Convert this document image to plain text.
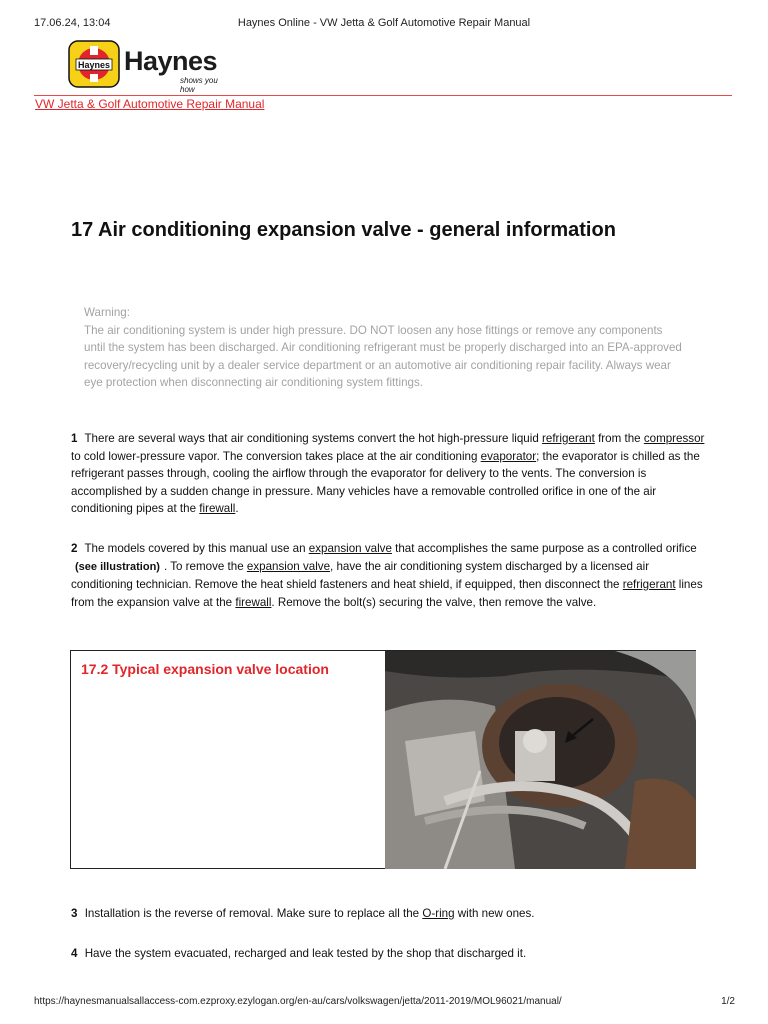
17.06.24, 13:04	Haynes Online - VW Jetta & Golf Automotive Repair Manual
Haynes Haynes
shows you how
VW Jetta & Golf Automotive Repair Manual
17 Air conditioning expansion valve - general information
Warning:
The air conditioning system is under high pressure. DO NOT loosen any hose fittings or remove any components until the system has been discharged. Air conditioning refrigerant must be properly discharged into an EPA-approved recovery/recycling unit by a dealer service department or an automotive air conditioning repair facility. Always wear eye protection when disconnecting air conditioning system fittings.
1 There are several ways that air conditioning systems convert the hot high-pressure liquid refrigerant from the compressor to cold lower-pressure vapor. The conversion takes place at the air conditioning evaporator; the evaporator is chilled as the refrigerant passes through, cooling the airflow through the evaporator for delivery to the vents. The conversion is accomplished by a sudden change in pressure. Many vehicles have a removable controlled orifice in one of the air conditioning pipes at the firewall.
2 The models covered by this manual use an expansion valve that accomplishes the same purpose as a controlled orifice (see illustration) . To remove the expansion valve, have the air conditioning system discharged by a licensed air conditioning technician. Remove the heat shield fasteners and heat shield, if equipped, then disconnect the refrigerant lines from the expansion valve at the firewall. Remove the bolt(s) securing the valve, then remove the valve.
17.2 Typical expansion valve location
3 Installation is the reverse of removal. Make sure to replace all the O-ring with new ones.
4 Have the system evacuated, recharged and leak tested by the shop that discharged it.
https://haynesmanualsallaccess-com.ezproxy.ezylogan.org/en-au/cars/volkswagen/jetta/2011-2019/MOL96021/manual/	1/2
